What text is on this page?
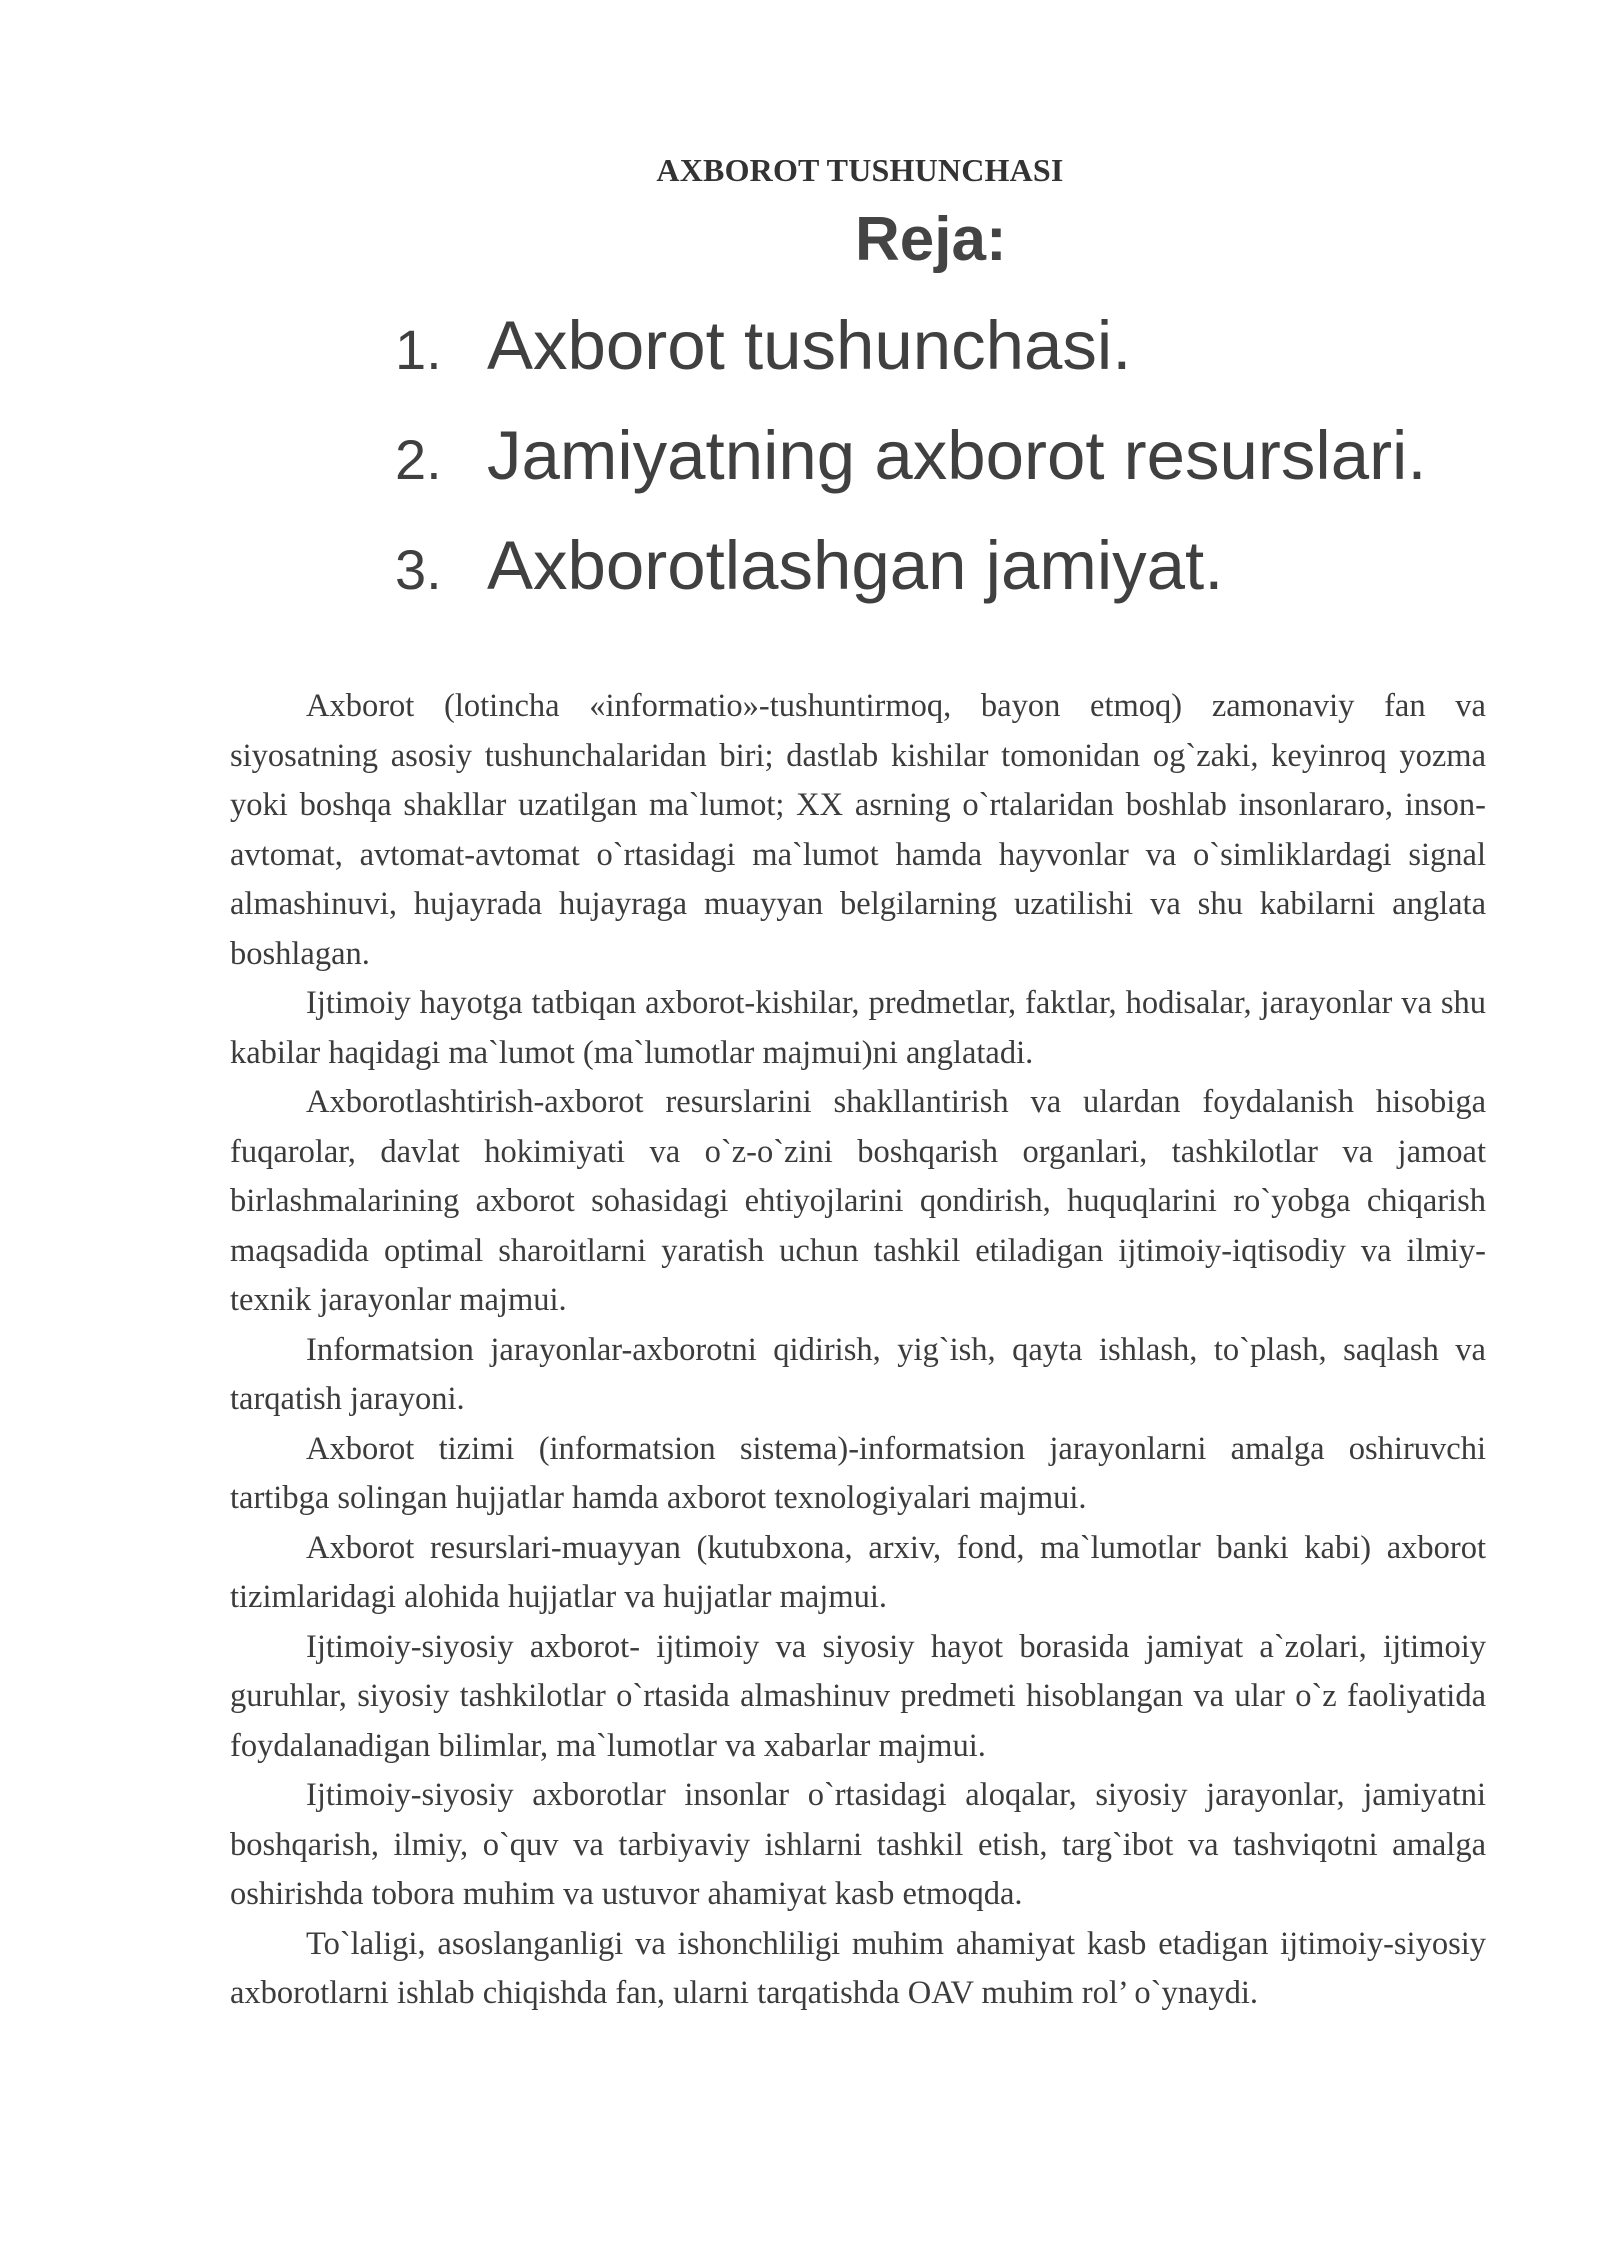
AXBOROT TUSHUNCHASI
Reja:
1. Axborot tushunchasi.
2. Jamiyatning axborot resurslari.
3. Axborotlashgan jamiyat.

Axborot (lotincha «informatio»-tushuntirmoq, bayon etmoq) zamonaviy fan va siyosatning asosiy tushunchalaridan biri; dastlab kishilar tomonidan og`zaki, keyinroq yozma yoki boshqa shakllar uzatilgan ma`lumot; XX asrning o`rtalaridan boshlab insonlararo, inson-avtomat, avtomat-avtomat o`rtasidagi ma`lumot hamda hayvonlar va o`simliklardagi signal almashinuvi, hujayrada hujayraga muayyan belgilarning uzatilishi va shu kabilarni anglata boshlagan.

Ijtimoiy hayotga tatbiqan axborot-kishilar, predmetlar, faktlar, hodisalar, jarayonlar va shu kabilar haqidagi ma`lumot (ma`lumotlar majmui)ni anglatadi.

Axborotlashtirish-axborot resurslarini shakllantirish va ulardan foydalanish hisobiga fuqarolar, davlat hokimiyati va o`z-o`zini boshqarish organlari, tashkilotlar va jamoat birlashmalarining axborot sohasidagi ehtiyojlarini qondirish, huquqlarini ro`yobga chiqarish maqsadida optimal sharoitlarni yaratish uchun tashkil etiladigan ijtimoiy-iqtisodiy va ilmiy-texnik jarayonlar majmui.

Informatsion jarayonlar-axborotni qidirish, yig`ish, qayta ishlash, to`plash, saqlash va tarqatish jarayoni.

Axborot tizimi (informatsion sistema)-informatsion jarayonlarni amalga oshiruvchi tartibga solingan hujjatlar hamda axborot texnologiyalari majmui.

Axborot resurslari-muayyan (kutubxona, arxiv, fond, ma`lumotlar banki kabi) axborot tizimlaridagi alohida hujjatlar va hujjatlar majmui.

Ijtimoiy-siyosiy axborot- ijtimoiy va siyosiy hayot borasida jamiyat a`zolari, ijtimoiy guruhlar, siyosiy tashkilotlar o`rtasida almashinuv predmeti hisoblangan va ular o`z faoliyatida foydalanadigan bilimlar, ma`lumotlar va xabarlar majmui.

Ijtimoiy-siyosiy axborotlar insonlar o`rtasidagi aloqalar, siyosiy jarayonlar, jamiyatni boshqarish, ilmiy, o`quv va tarbiyaviy ishlarni tashkil etish, targ`ibot va tashviqotni amalga oshirishda tobora muhim va ustuvor ahamiyat kasb etmoqda.

To`laligi, asoslanganligi va ishonchliligi muhim ahamiyat kasb etadigan ijtimoiy-siyosiy axborotlarni ishlab chiqishda fan, ularni tarqatishda OAV muhim rol’ o`ynaydi.
